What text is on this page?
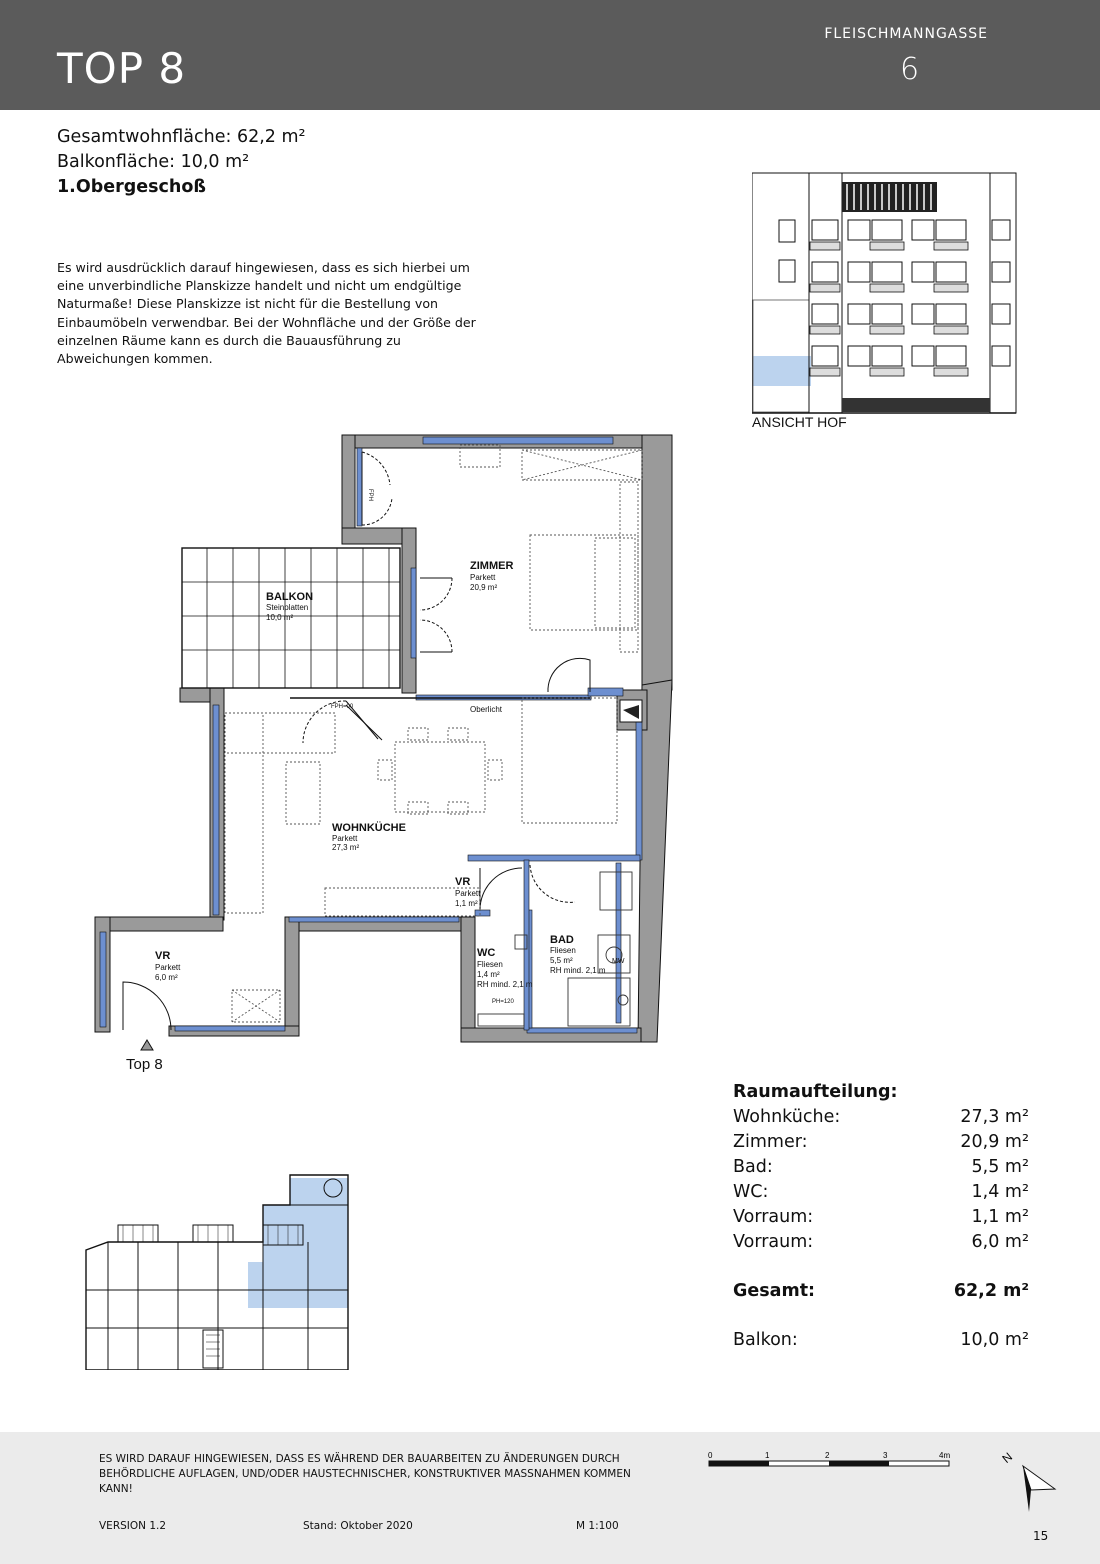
TOP 8
FLEISCHMANNGASSE
6
Gesamtwohnfläche: 62,2 m²
Balkonfläche: 10,0 m²
1.Obergeschoß
Es wird ausdrücklich darauf hingewiesen, dass es sich hierbei um eine unverbindliche Planskizze handelt und nicht um endgültige Naturmaße! Diese Planskizze ist nicht für die Bestellung von Einbaumöbeln verwendbar. Bei der Wohnfläche und der Größe der einzelnen Räume kann es durch die Bauausführung zu Abweichungen kommen.
ANSICHT HOF
ZIMMER
Parkett
20,9 m²
BALKON
Steinplatten
10,0 m²
WOHNKÜCHE
Parkett
27,3 m²
VR
Parkett
1,1 m²
VR
Parkett
6,0 m²
WC
Fliesen
1,4 m²
RH mind. 2,1 m
PH=120
BAD
Fliesen
5,5 m²
RH mind. 2,1 m
MW
Oberlicht
FPH=00
FPH
Top 8
Raumaufteilung:
Wohnküche:	27,3 m²
Zimmer:	20,9 m²
Bad:	5,5 m²
WC:	1,4 m²
Vorraum:	1,1 m²
Vorraum:	6,0 m²
Gesamt:	62,2 m²
Balkon:	10,0 m²
ES WIRD DARAUF HINGEWIESEN, DASS ES WÄHREND DER BAUARBEITEN ZU ÄNDERUNGEN DURCH BEHÖRDLICHE AUFLAGEN, UND/ODER HAUSTECHNISCHER, KONSTRUKTIVER MASSNAHMEN KOMMEN KANN!
VERSION 1.2	Stand: Oktober 2020	M 1:100
0	1	2	3	4m	N
15
